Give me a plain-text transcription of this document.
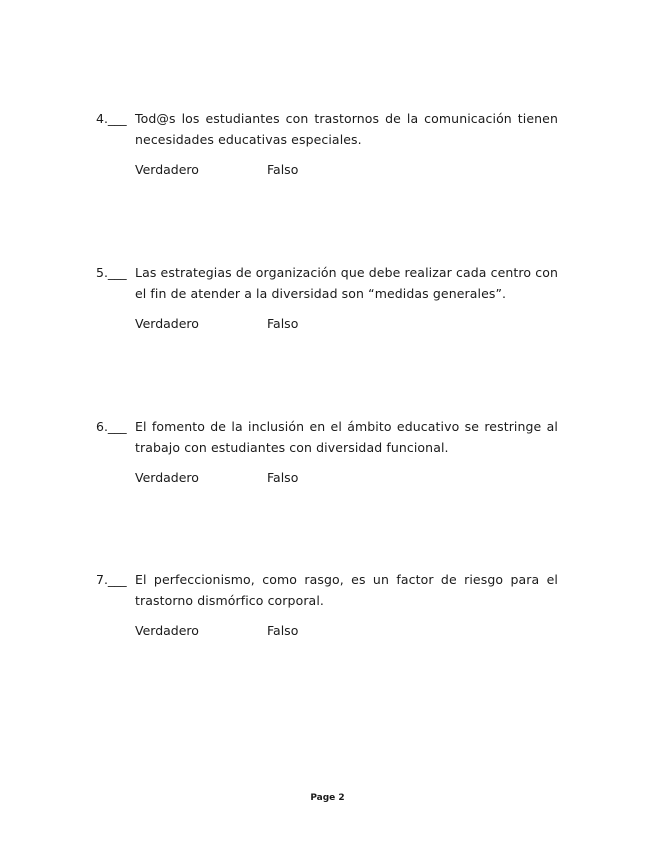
4.___ Tod@s los estudiantes con trastornos de la comunicación tienen necesidades educativas especiales.
Verdadero	Falso
5.___ Las estrategias de organización que debe realizar cada centro con el fin de atender a la diversidad son “medidas generales”.
Verdadero	Falso
6.___ El fomento de la inclusión en el ámbito educativo se restringe al trabajo con estudiantes con diversidad funcional.
Verdadero	Falso
7.___ El perfeccionismo, como rasgo, es un factor de riesgo para el trastorno dismórfico corporal.
Verdadero	Falso
Page 2
